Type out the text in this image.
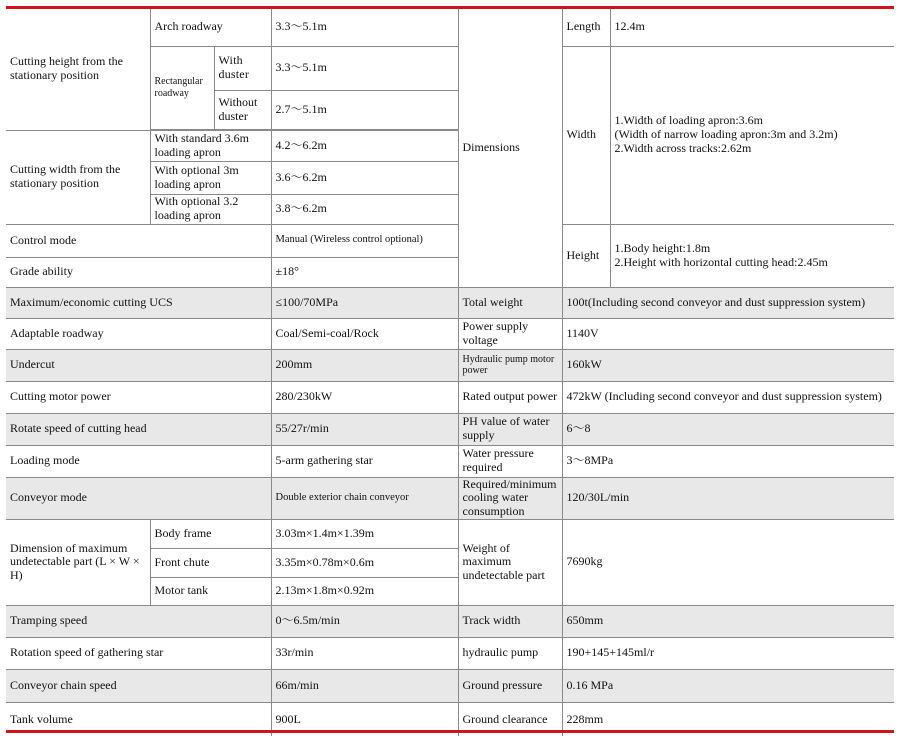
Cutting height from the stationary position	Arch roadway		3.3～5.1m	Dimensions	Length	12.4m
	Rectangular roadway	With duster	3.3～5.1m		Width	1.Width of loading apron:3.6m
(Width of narrow loading apron:3m and 3.2m)
2.Width across tracks:2.62m

		Without duster	2.7～5.1m			

Cutting width from the stationary position	With standard 3.6m loading apron		4.2～6.2m			
	With optional 3m loading apron		3.6～6.2m			
	With optional 3.2 loading apron		3.8～6.2m			
Control mode			Manual (Wireless control optional)		Height	1.Body height:1.8m
2.Height with horizontal cutting head:2.45m

Grade ability			±18°			
Maximum/economic cutting UCS			≤100/70MPa	Total weight	100t(Including second conveyor and dust suppression system)	
Adaptable roadway			Coal/Semi-coal/Rock	Power supply voltage	1140V	
Undercut			200mm	Hydraulic pump motor power	160kW	
Cutting motor power			280/230kW	Rated output power	472kW (Including second conveyor and dust suppression system)	
Rotate speed of cutting head			55/27r/min	PH value of water supply	6～8	
Loading mode			5-arm gathering star	Water pressure required	3～8MPa	
Conveyor mode			Double exterior chain conveyor	Required/minimum cooling water consumption	120/30L/min	
Dimension of maximum undetectable part (L × W × H)	Body frame		3.03m×1.4m×1.39m	Weight of maximum undetectable part	7690kg	
	Front chute		3.35m×0.78m×0.6m			
	Motor tank		2.13m×1.8m×0.92m			
Tramping speed			0～6.5m/min	Track width	650mm	
Rotation speed of gathering star			33r/min	hydraulic pump	190+145+145ml/r	
Conveyor chain speed			66m/min	Ground pressure	0.16 MPa	
Tank volume			900L	Ground clearance	228mm	
